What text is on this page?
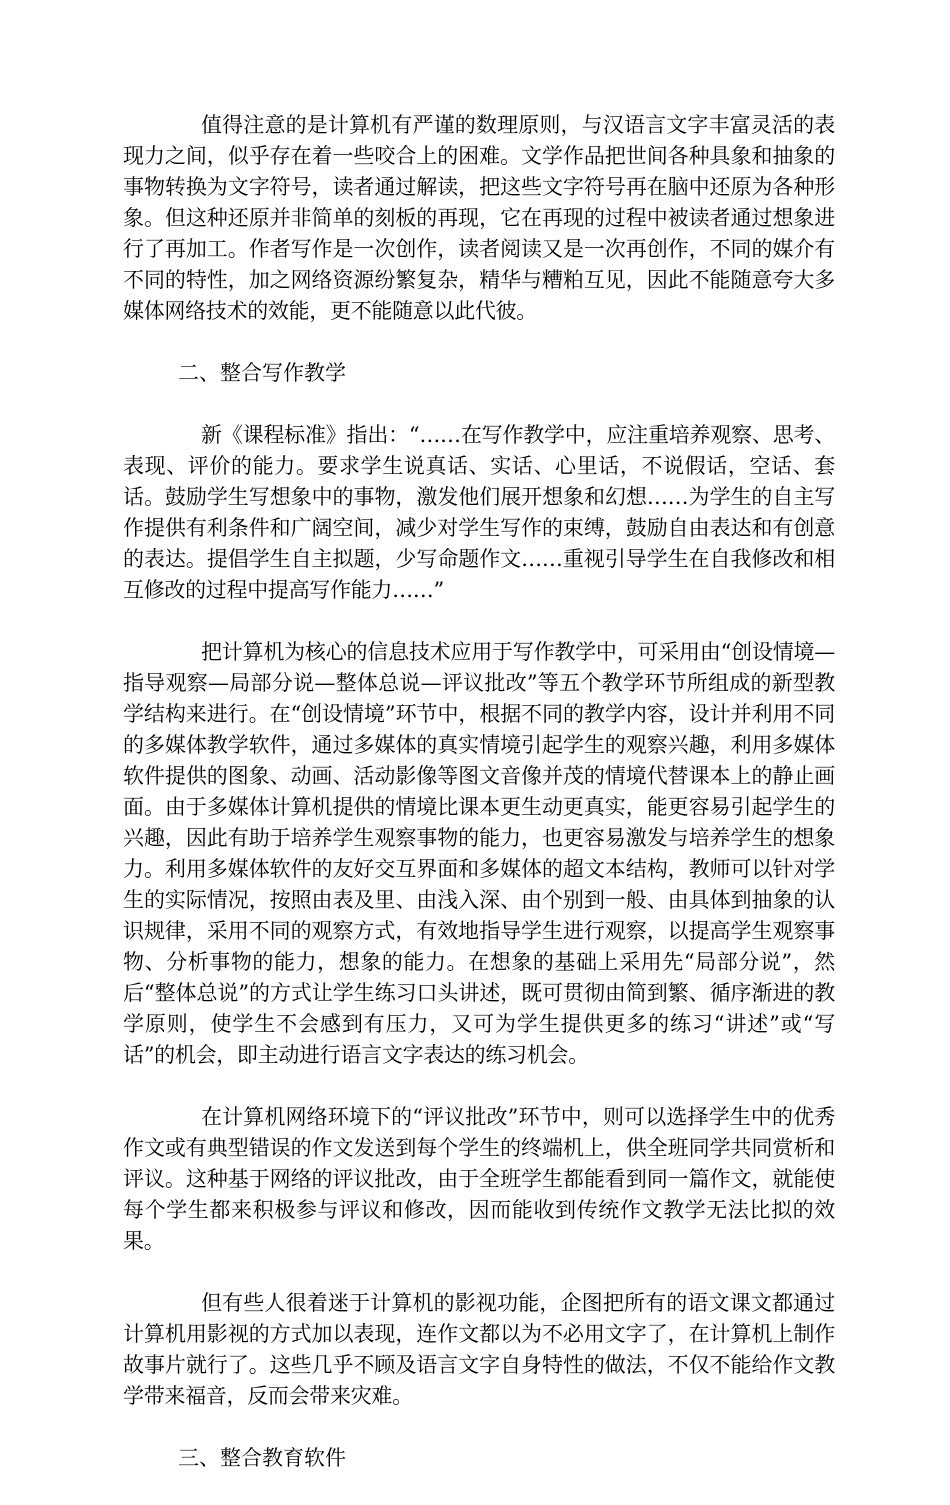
值得注意的是计算机有严谨的数理原则，与汉语言文字丰富灵活的表现力之间，似乎存在着一些咬合上的困难。文学作品把世间各种具象和抽象的事物转换为文字符号，读者通过解读，把这些文字符号再在脑中还原为各种形象。但这种还原并非简单的刻板的再现，它在再现的过程中被读者通过想象进行了再加工。作者写作是一次创作，读者阅读又是一次再创作，不同的媒介有不同的特性，加之网络资源纷繁复杂，精华与糟粕互见，因此不能随意夸大多媒体网络技术的效能，更不能随意以此代彼。

二、整合写作教学

新《课程标准》指出：“……在写作教学中，应注重培养观察、思考、表现、评价的能力。要求学生说真话、实话、心里话，不说假话，空话、套话。鼓励学生写想象中的事物，激发他们展开想象和幻想……为学生的自主写作提供有利条件和广阔空间，减少对学生写作的束缚，鼓励自由表达和有创意的表达。提倡学生自主拟题，少写命题作文……重视引导学生在自我修改和相互修改的过程中提高写作能力……”

把计算机为核心的信息技术应用于写作教学中，可采用由“创设情境—指导观察—局部分说—整体总说—评议批改”等五个教学环节所组成的新型教学结构来进行。在“创设情境”环节中，根据不同的教学内容，设计并利用不同的多媒体教学软件，通过多媒体的真实情境引起学生的观察兴趣，利用多媒体软件提供的图象、动画、活动影像等图文音像并茂的情境代替课本上的静止画面。由于多媒体计算机提供的情境比课本更生动更真实，能更容易引起学生的兴趣，因此有助于培养学生观察事物的能力，也更容易激发与培养学生的想象力。利用多媒体软件的友好交互界面和多媒体的超文本结构，教师可以针对学生的实际情况，按照由表及里、由浅入深、由个别到一般、由具体到抽象的认识规律，采用不同的观察方式，有效地指导学生进行观察，以提高学生观察事物、分析事物的能力，想象的能力。在想象的基础上采用先“局部分说”，然后“整体总说”的方式让学生练习口头讲述，既可贯彻由简到繁、循序渐进的教学原则，使学生不会感到有压力，又可为学生提供更多的练习“讲述”或“写话”的机会，即主动进行语言文字表达的练习机会。

在计算机网络环境下的“评议批改”环节中，则可以选择学生中的优秀作文或有典型错误的作文发送到每个学生的终端机上，供全班同学共同赏析和评议。这种基于网络的评议批改，由于全班学生都能看到同一篇作文，就能使每个学生都来积极参与评议和修改，因而能收到传统作文教学无法比拟的效果。

但有些人很着迷于计算机的影视功能，企图把所有的语文课文都通过计算机用影视的方式加以表现，连作文都以为不必用文字了，在计算机上制作故事片就行了。这些几乎不顾及语言文字自身特性的做法，不仅不能给作文教学带来福音，反而会带来灾难。

三、整合教育软件
